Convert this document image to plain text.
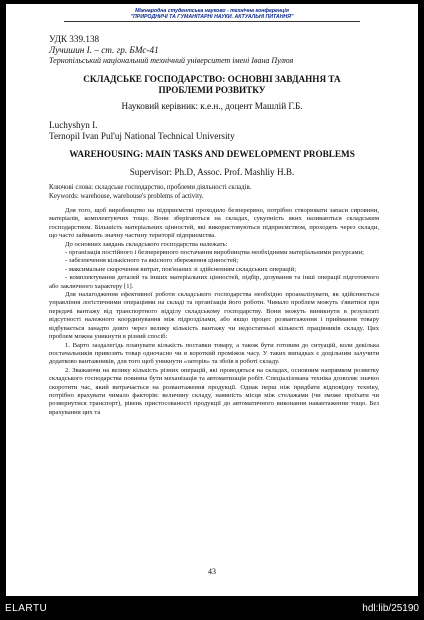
Міжнародна студентська науково - технічна конференція
"ПРИРОДНИЧІ ТА ГУМАНІТАРНІ НАУКИ. АКТУАЛЬНІ ПИТАННЯ"
УДК 339.138
Лучишин І. – ст. гр. БМс-41
Тернопільський національний технічний університет імені Івана Пулюя
СКЛАДСЬКЕ ГОСПОДАРСТВО: ОСНОВНІ ЗАВДАННЯ ТА
ПРОБЛЕМИ РОЗВИТКУ
Науковий керівник: к.е.н., доцент Машлій Г.Б.
Luchyshyn I.
Ternopil Ivan Pul'uj National Technical University
WAREHOUSING: MAIN TASKS AND DEWELOPMENT PROBLEMS
Supervisor: Ph.D, Assoc. Prof. Mashliy H.B.
Ключові слова: складське господарство, проблеми діяльності складів.
Keywords: warehouse, warehouse's problems of activity.

Для того, щоб виробництво на підприємстві проходило безперервно, потрібно створювати запаси сировини, матеріалів, комплектуючих тощо. Вони зберігаються на складах, сукупність яких називаються складським господарством. Більшість матеріальних цінностей, які використовуються підприємством, проходять через склади, що часто займають значну частину території підприємства.

До основних завдань складського господарства належать:

- організація постійного і безперервного постачання виробництва необхідними матеріальними ресурсами;

- забезпечення кількісного та якісного збереження цінностей;

- максимальне скорочення витрат, пов'язаних зі здійсненням складських операцій;

- комплектування деталей та інших матеріальних цінностей, підбір, дозування та інші операції підготовчого або заключного характеру [1].

Для налагодження ефективної роботи складського господарства необхідно проаналізувати, як здійснюється управління логістичними операціями на складі та організація його роботи. Чимало проблем можуть з'явитися при передачі вантажу від транспортного відділу складському господарству. Вони можуть виникнути в результаті відсутності належного координування між підрозділами, або якщо процес розвантаження і приймання товару відбувається занадто довго через велику кількість вантажу чи недостатньої кількості працівників складу. Цих проблем можна уникнути в різний спосіб:

1. Варто заздалегідь планувати кількість поставки товару, а також бути готовим до ситуацій, коли декілька постачальників привозять товар одночасно чи в короткий проміжок часу. У таких випадках є доцільним залучити додатково вантажників, для того щоб уникнути «заторів» та збоїв в роботі складу.

2. Зважаючи на велику кількість різних операцій, які проводяться на складах, основним напрямком розвитку складського господарства повинна бути механізація та автоматизація робіт. Спеціалізована техніка дозволяє значно скоротити час, який витрачається на розвантаження продукції. Однак перш ніж придбати відповідну техніку, потрібно врахувати чимало факторів: величину складу, наявність місця між стелажами (чи зможе проїхати чи розвернутися транспорт), рівень пристосованості продукції до автоматичного виконання навантаження тощо. Без врахування цих та

43
ELARTU	hdl:lib/25190
